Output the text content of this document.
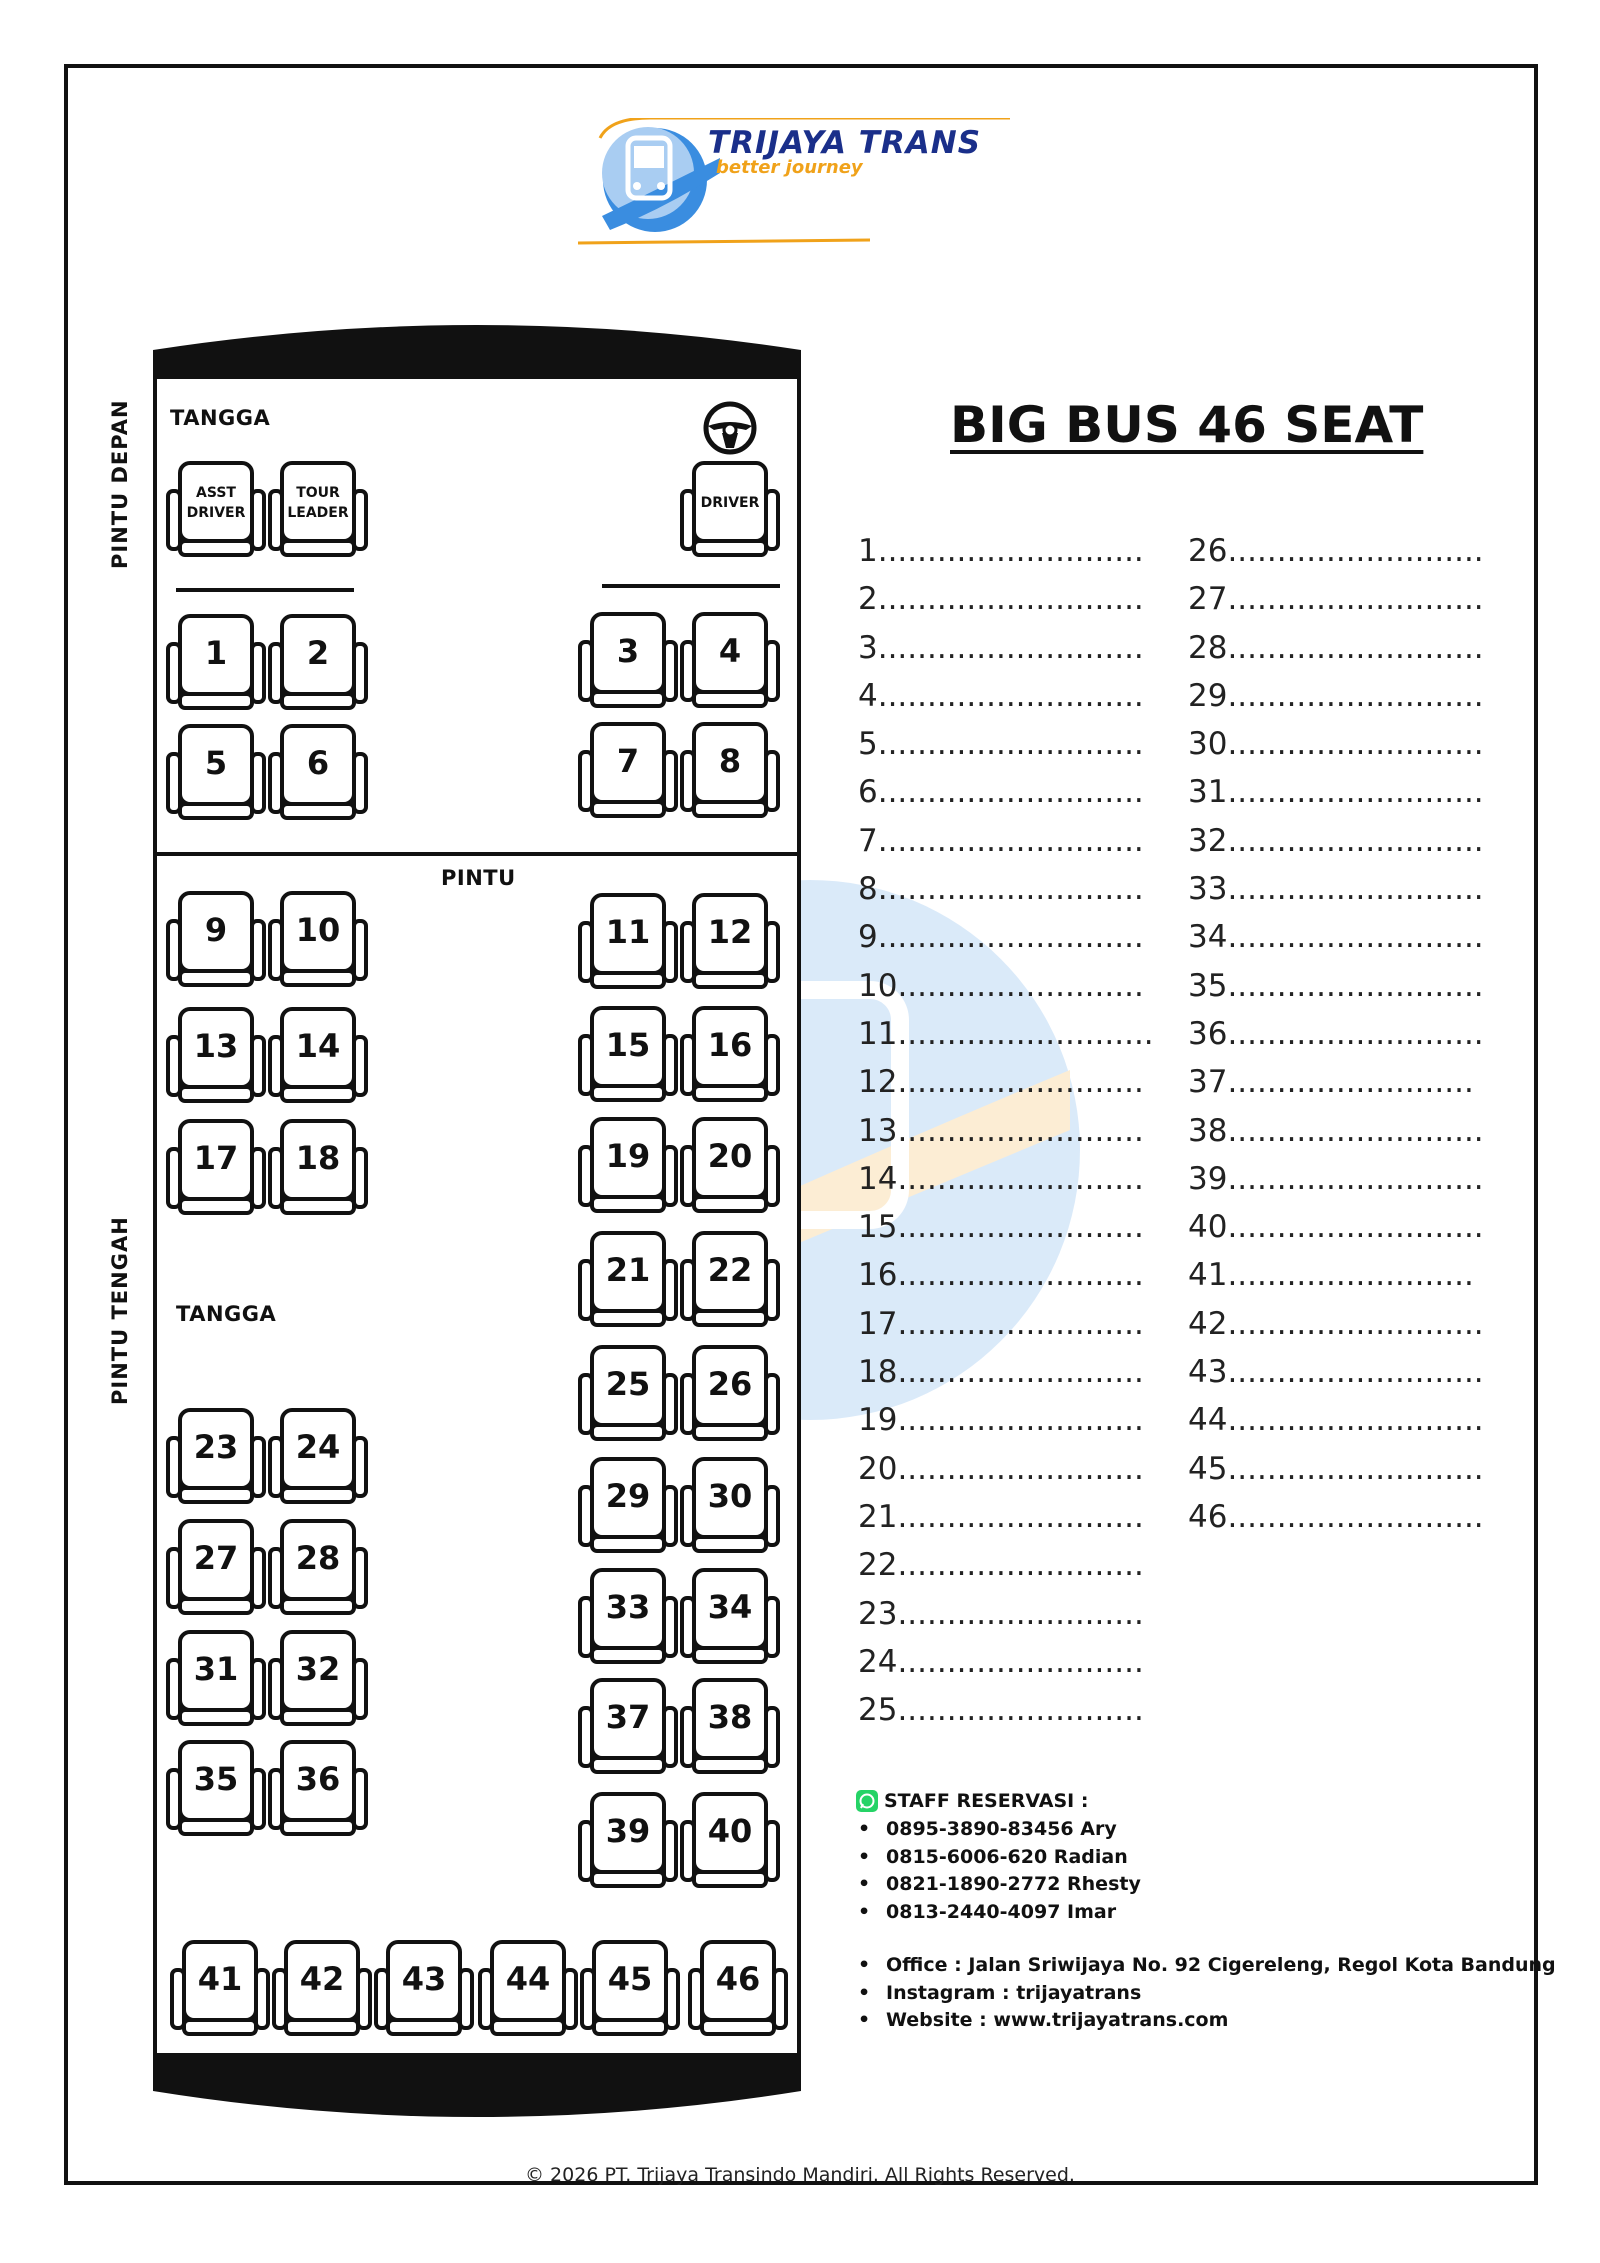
TRIJAYA TRANS
better journey
PINTU DEPAN
PINTU TENGAH
TANGGA
PINTU
TANGGA
ASST
DRIVER
TOUR
LEADER
DRIVER
1	2	3	4
5	6	7	8
9	10	11	12
13	14	15	16
17	18	19	20
21	22
23	24
25	26
27	28
29	30
31	32
33	34
35	36
37	38
39	40
41	42	43	44	45	46
BIG BUS 46 SEAT
1...........................
2...........................
3...........................
4...........................
5...........................
6...........................
7...........................
8...........................
9...........................
10.........................
11..........................
12.........................
13.........................
14.........................
15.........................
16.........................
17.........................
18.........................
19.........................
20.........................
21.........................
22.........................
23.........................
24.........................
25.........................
26..........................
27..........................
28..........................
29..........................
30..........................
31..........................
32..........................
33..........................
34..........................
35..........................
36..........................
37.........................
38..........................
39..........................
40..........................
41.........................
42..........................
43..........................
44..........................
45..........................
46..........................
STAFF RESERVASI :
• 0895-3890-83456 Ary
• 0815-6006-620 Radian
• 0821-1890-2772 Rhesty
• 0813-2440-4097 Imar
• Office : Jalan Sriwijaya No. 92 Cigereleng, Regol Kota Bandung
• Instagram : trijayatrans
• Website : www.trijayatrans.com
© 2026 PT. Trijaya Transindo Mandiri. All Rights Reserved.
